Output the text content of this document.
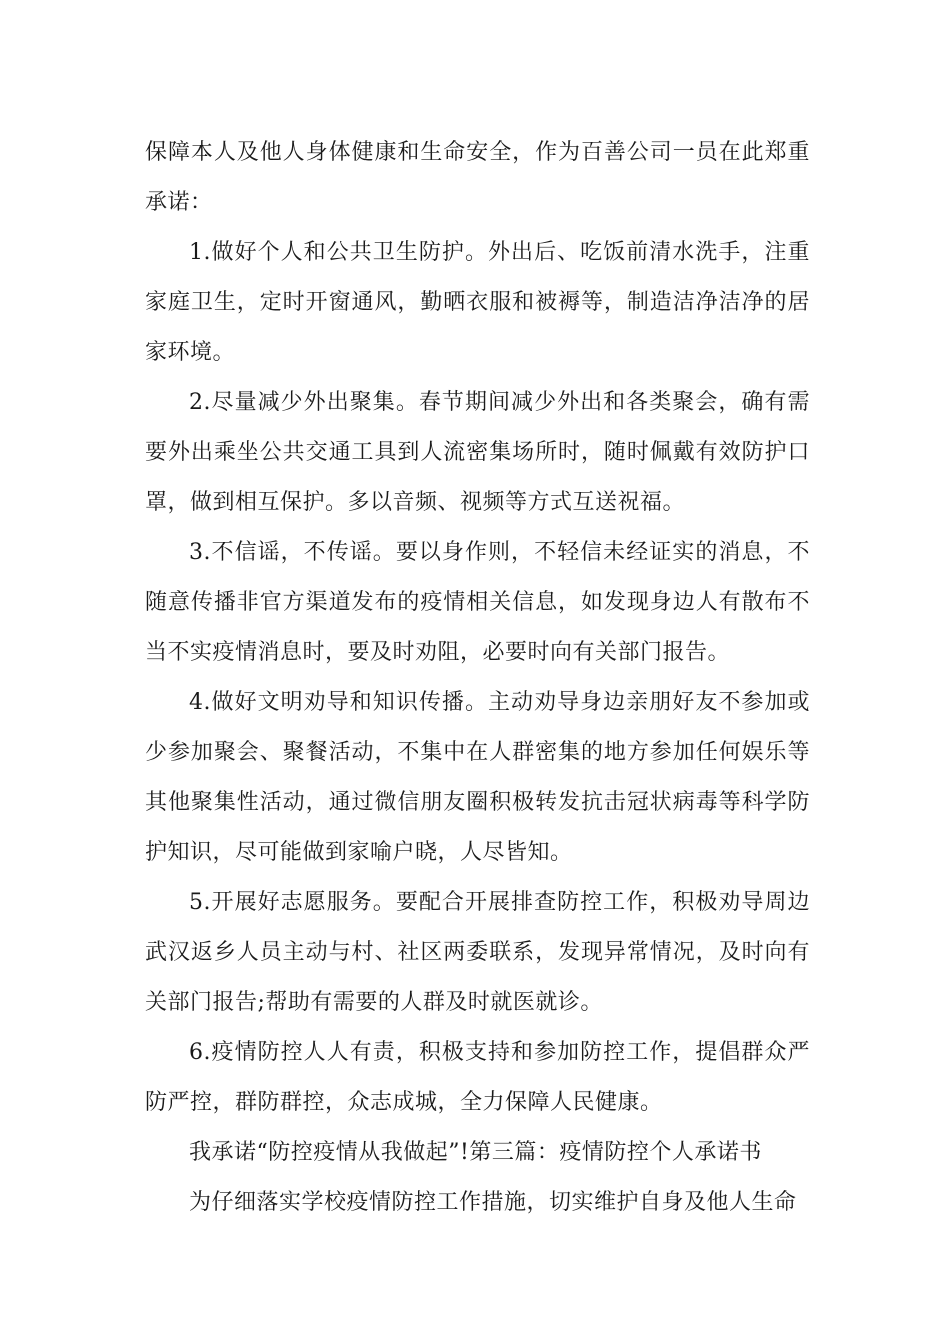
保障本人及他人身体健康和生命安全，作为百善公司一员在此郑重承诺：

1.做好个人和公共卫生防护。外出后、吃饭前清水洗手，注重家庭卫生，定时开窗通风，勤晒衣服和被褥等，制造洁净洁净的居家环境。

2.尽量减少外出聚集。春节期间减少外出和各类聚会，确有需要外出乘坐公共交通工具到人流密集场所时，随时佩戴有效防护口罩，做到相互保护。多以音频、视频等方式互送祝福。

3.不信谣，不传谣。要以身作则，不轻信未经证实的消息，不随意传播非官方渠道发布的疫情相关信息，如发现身边人有散布不当不实疫情消息时，要及时劝阻，必要时向有关部门报告。

4.做好文明劝导和知识传播。主动劝导身边亲朋好友不参加或少参加聚会、聚餐活动，不集中在人群密集的地方参加任何娱乐等其他聚集性活动，通过微信朋友圈积极转发抗击冠状病毒等科学防护知识，尽可能做到家喻户晓，人尽皆知。

5.开展好志愿服务。要配合开展排查防控工作，积极劝导周边武汉返乡人员主动与村、社区两委联系，发现异常情况，及时向有关部门报告;帮助有需要的人群及时就医就诊。

6.疫情防控人人有责，积极支持和参加防控工作，提倡群众严防严控，群防群控，众志成城，全力保障人民健康。

我承诺“防控疫情从我做起”!第三篇：疫情防控个人承诺书

为仔细落实学校疫情防控工作措施，切实维护自身及他人生命
